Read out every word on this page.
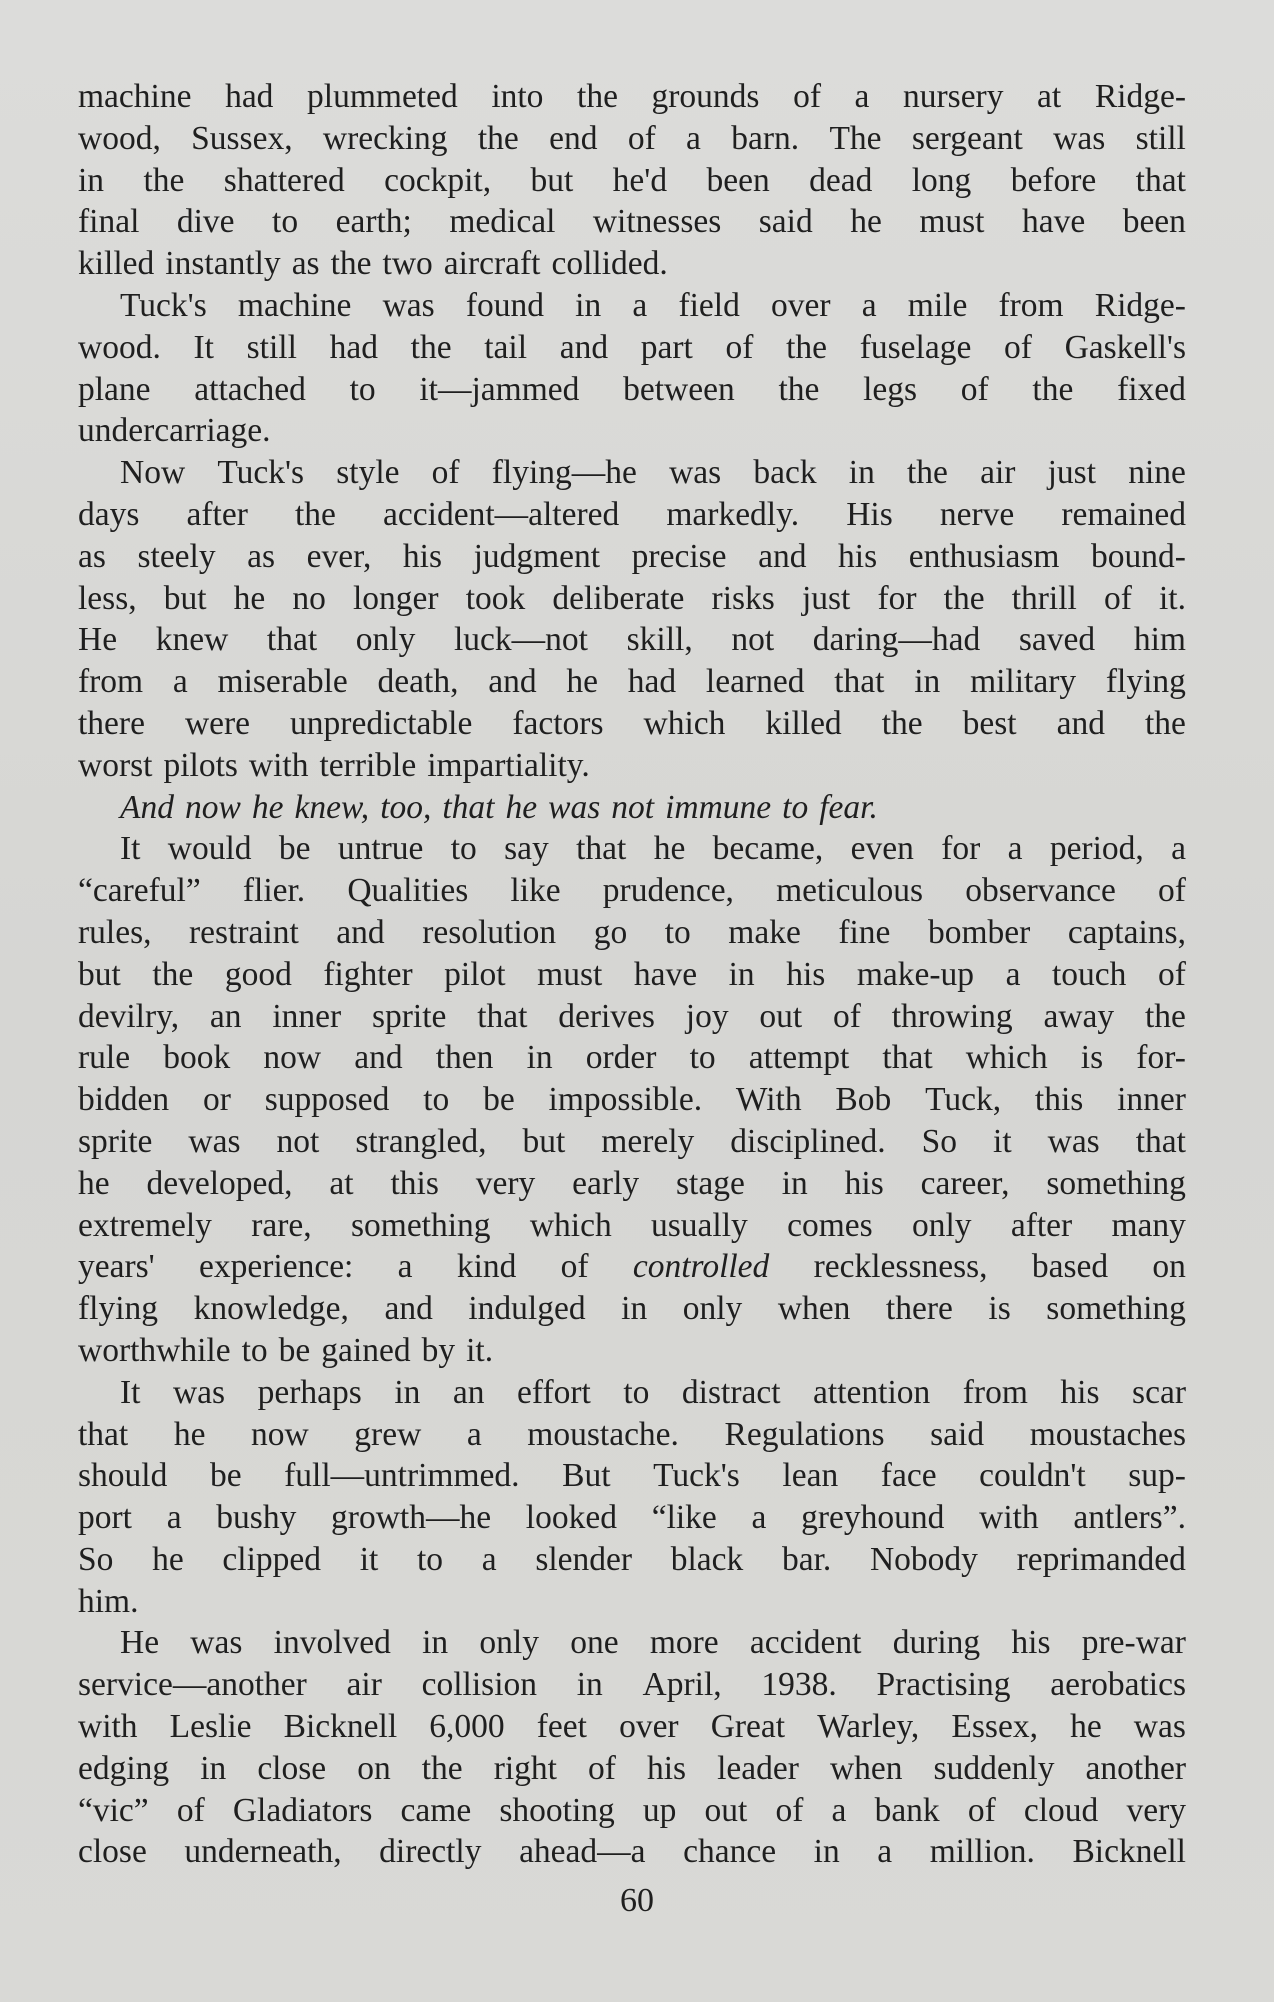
machine had plummeted into the grounds of a nursery at Ridge-
wood, Sussex, wrecking the end of a barn. The sergeant was still
in the shattered cockpit, but he'd been dead long before that
final dive to earth; medical witnesses said he must have been
killed instantly as the two aircraft collided.
Tuck's machine was found in a field over a mile from Ridge-
wood. It still had the tail and part of the fuselage of Gaskell's
plane attached to it—jammed between the legs of the fixed
undercarriage.
Now Tuck's style of flying—he was back in the air just nine
days after the accident—altered markedly. His nerve remained
as steely as ever, his judgment precise and his enthusiasm bound-
less, but he no longer took deliberate risks just for the thrill of it.
He knew that only luck—not skill, not daring—had saved him
from a miserable death, and he had learned that in military flying
there were unpredictable factors which killed the best and the
worst pilots with terrible impartiality.
And now he knew, too, that he was not immune to fear.
It would be untrue to say that he became, even for a period, a
“careful” flier. Qualities like prudence, meticulous observance of
rules, restraint and resolution go to make fine bomber captains,
but the good fighter pilot must have in his make-up a touch of
devilry, an inner sprite that derives joy out of throwing away the
rule book now and then in order to attempt that which is for-
bidden or supposed to be impossible. With Bob Tuck, this inner
sprite was not strangled, but merely disciplined. So it was that
he developed, at this very early stage in his career, something
extremely rare, something which usually comes only after many
years' experience: a kind of controlled recklessness, based on
flying knowledge, and indulged in only when there is something
worthwhile to be gained by it.
It was perhaps in an effort to distract attention from his scar
that he now grew a moustache. Regulations said moustaches
should be full—untrimmed. But Tuck's lean face couldn't sup-
port a bushy growth—he looked “like a greyhound with antlers”.
So he clipped it to a slender black bar. Nobody reprimanded
him.
He was involved in only one more accident during his pre-war
service—another air collision in April, 1938. Practising aerobatics
with Leslie Bicknell 6,000 feet over Great Warley, Essex, he was
edging in close on the right of his leader when suddenly another
“vic” of Gladiators came shooting up out of a bank of cloud very
close underneath, directly ahead—a chance in a million. Bicknell
60
